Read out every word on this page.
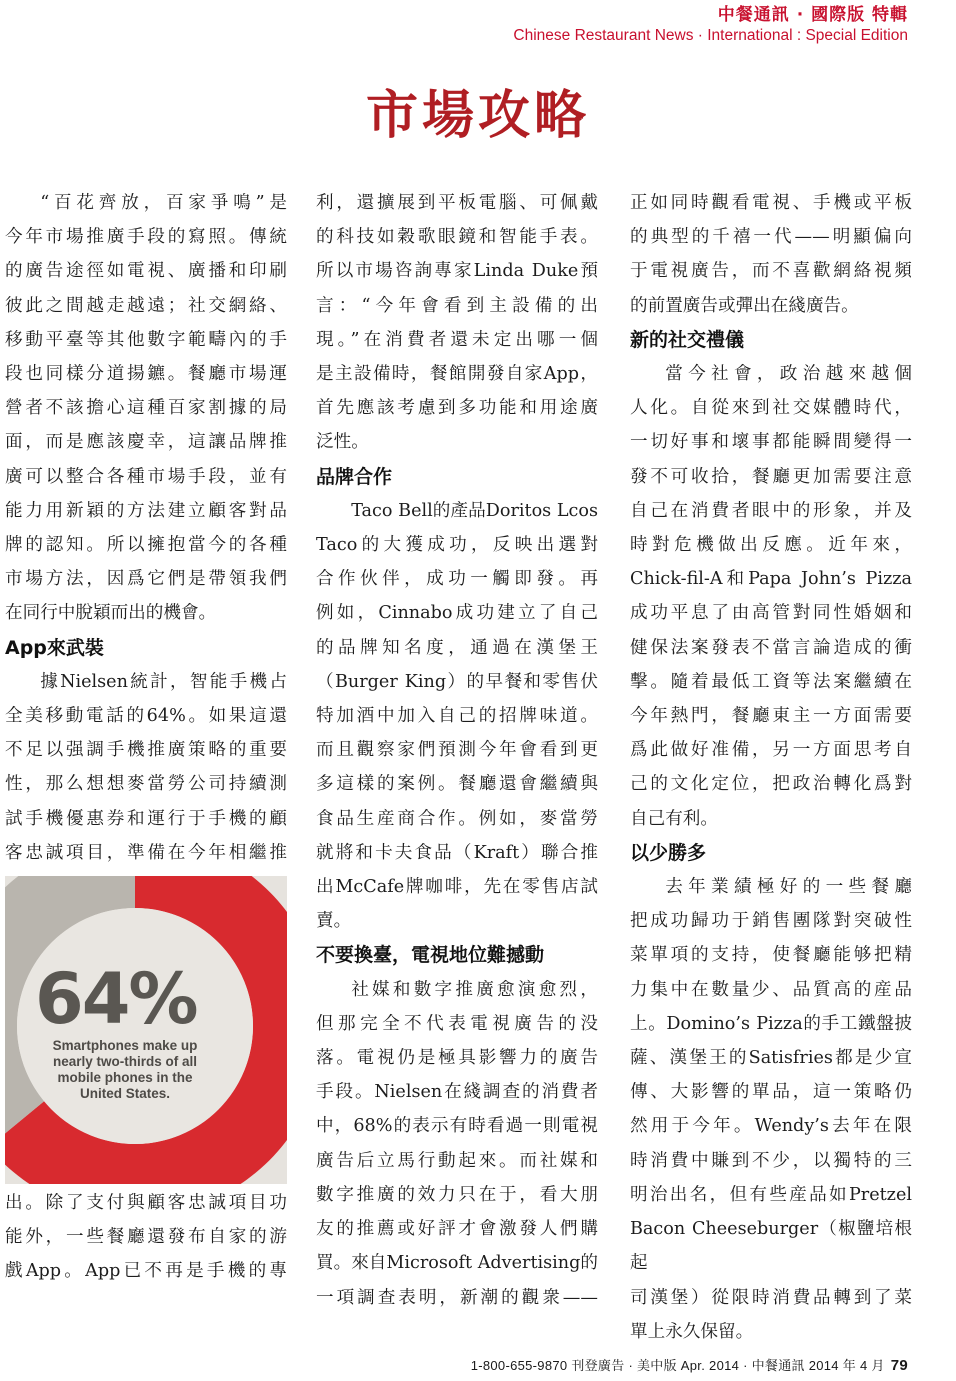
中餐通訊 · 國際版 特輯
Chinese Restaurant News · International : Special Edition
市場攻略

“百花齊放，百家爭鳴”是

今年市場推廣手段的寫照。傳統

的廣告途徑如電視、廣播和印刷

彼此之間越走越遠；社交網絡、

移動平臺等其他數字範疇內的手

段也同樣分道揚鑣。餐廳市場運

營者不該擔心這種百家割據的局

面，而是應該慶幸，這讓品牌推

廣可以整合各種市場手段，並有

能力用新穎的方法建立顧客對品

牌的認知。所以擁抱當今的各種

市場方法，因爲它們是帶領我們

在同行中脫穎而出的機會。

App來武裝

據Nielsen統計，智能手機占

全美移動電話的64%。如果這還

不足以强調手機推廣策略的重要

性，那么想想麥當勞公司持續測

試手機優惠券和運行于手機的顧

客忠誠項目，準備在今年相繼推

64%
Smartphones make up nearly two-thirds of all mobile phones in the United States.

出。除了支付與顧客忠誠項目功

能外，一些餐廳還發布自家的游

戲App。App已不再是手機的專

利，還擴展到平板電腦、可佩戴

的科技如穀歌眼鏡和智能手表。

所以市場咨詢專家Linda Duke預

言：“今年會看到主設備的出

現。”在消費者還未定出哪一個

是主設備時，餐館開發自家App，

首先應該考慮到多功能和用途廣

泛性。

品牌合作

Taco Bell的產品Doritos Lcos

Taco的大獲成功，反映出選對

合作伙伴，成功一觸即發。再

例如，Cinnabo成功建立了自己

的品牌知名度，通過在漢堡王

（Burger King）的早餐和零售伏

特加酒中加入自己的招牌味道。

而且觀察家們預測今年會看到更

多這樣的案例。餐廳還會繼續與

食品生産商合作。例如，麥當勞

就將和卡夫食品（Kraft）聯合推

出McCafe牌咖啡，先在零售店試

賣。

不要換臺，電視地位難撼動

社媒和數字推廣愈演愈烈，

但那完全不代表電視廣告的没

落。電視仍是極具影響力的廣告

手段。Nielsen在綫調查的消費者

中，68%的表示有時看過一則電視

廣告后立馬行動起來。而社媒和

數字推廣的效力只在于，看大朋

友的推薦或好評才會激發人們購

買。來自Microsoft Advertising的

一項調查表明，新潮的觀衆——

正如同時觀看電視、手機或平板

的典型的千禧一代——明顯偏向

于電視廣告，而不喜歡網絡視頻

的前置廣告或彈出在綫廣告。

新的社交禮儀

當今社會，政治越來越個

人化。自從來到社交媒體時代，

一切好事和壞事都能瞬間變得一

發不可收拾，餐廳更加需要注意

自己在消費者眼中的形象，并及

時對危機做出反應。近年來，

Chick-fil-A和Papa John’s Pizza

成功平息了由高管對同性婚姻和

健保法案發表不當言論造成的衝

擊。隨着最低工資等法案繼續在

今年熱門，餐廳東主一方面需要

爲此做好准備，另一方面思考自

己的文化定位，把政治轉化爲對

自己有利。

以少勝多

去年業績極好的一些餐廳

把成功歸功于銷售團隊對突破性

菜單項的支持，使餐廳能够把精

力集中在數量少、品質高的産品

上。Domino’s Pizza的手工鐵盤披

薩、漢堡王的Satisfries都是少宣

傳、大影響的單品，這一策略仍

然用于今年。Wendy’s去年在限

時消費中賺到不少，以獨特的三

明治出名，但有些産品如Pretzel

Bacon Cheeseburger（椒鹽培根起

司漢堡）從限時消費品轉到了菜

單上永久保留。

1-800-655-9870 刊登廣告 · 美中版 Apr. 2014 · 中餐通訊 2014 年 4 月 79
